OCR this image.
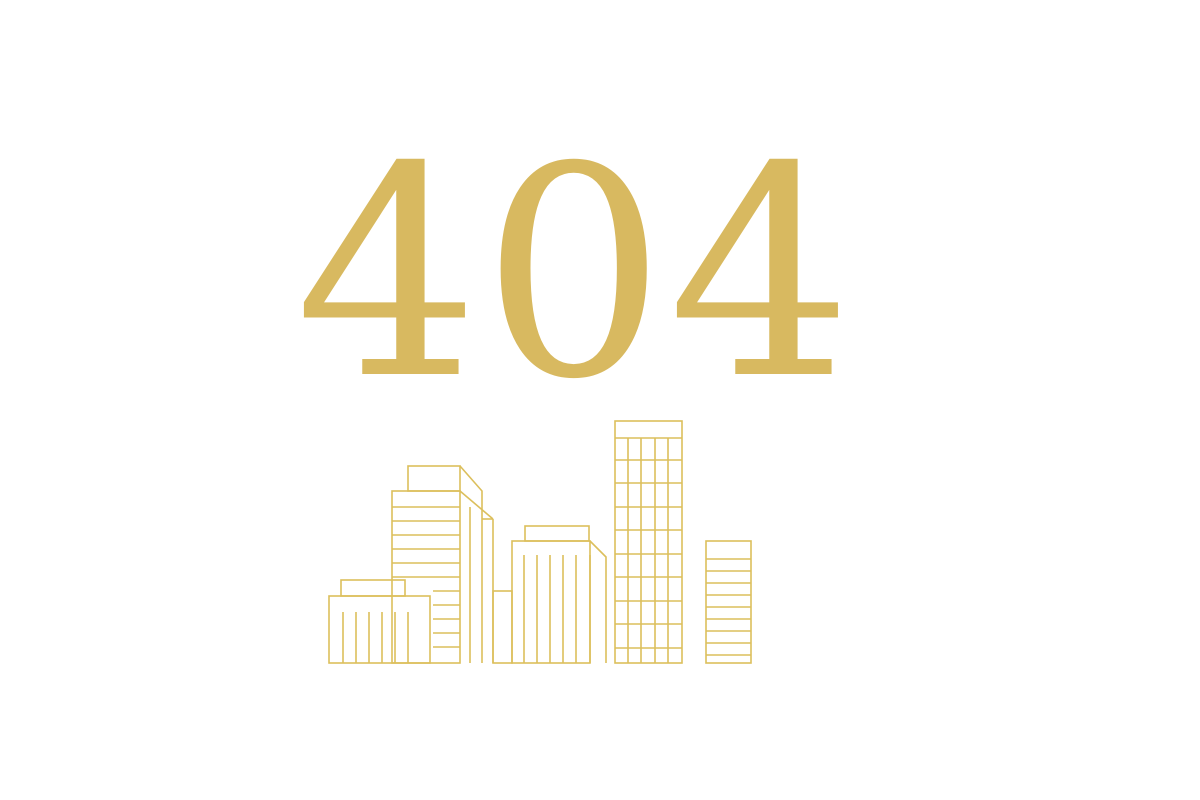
404
